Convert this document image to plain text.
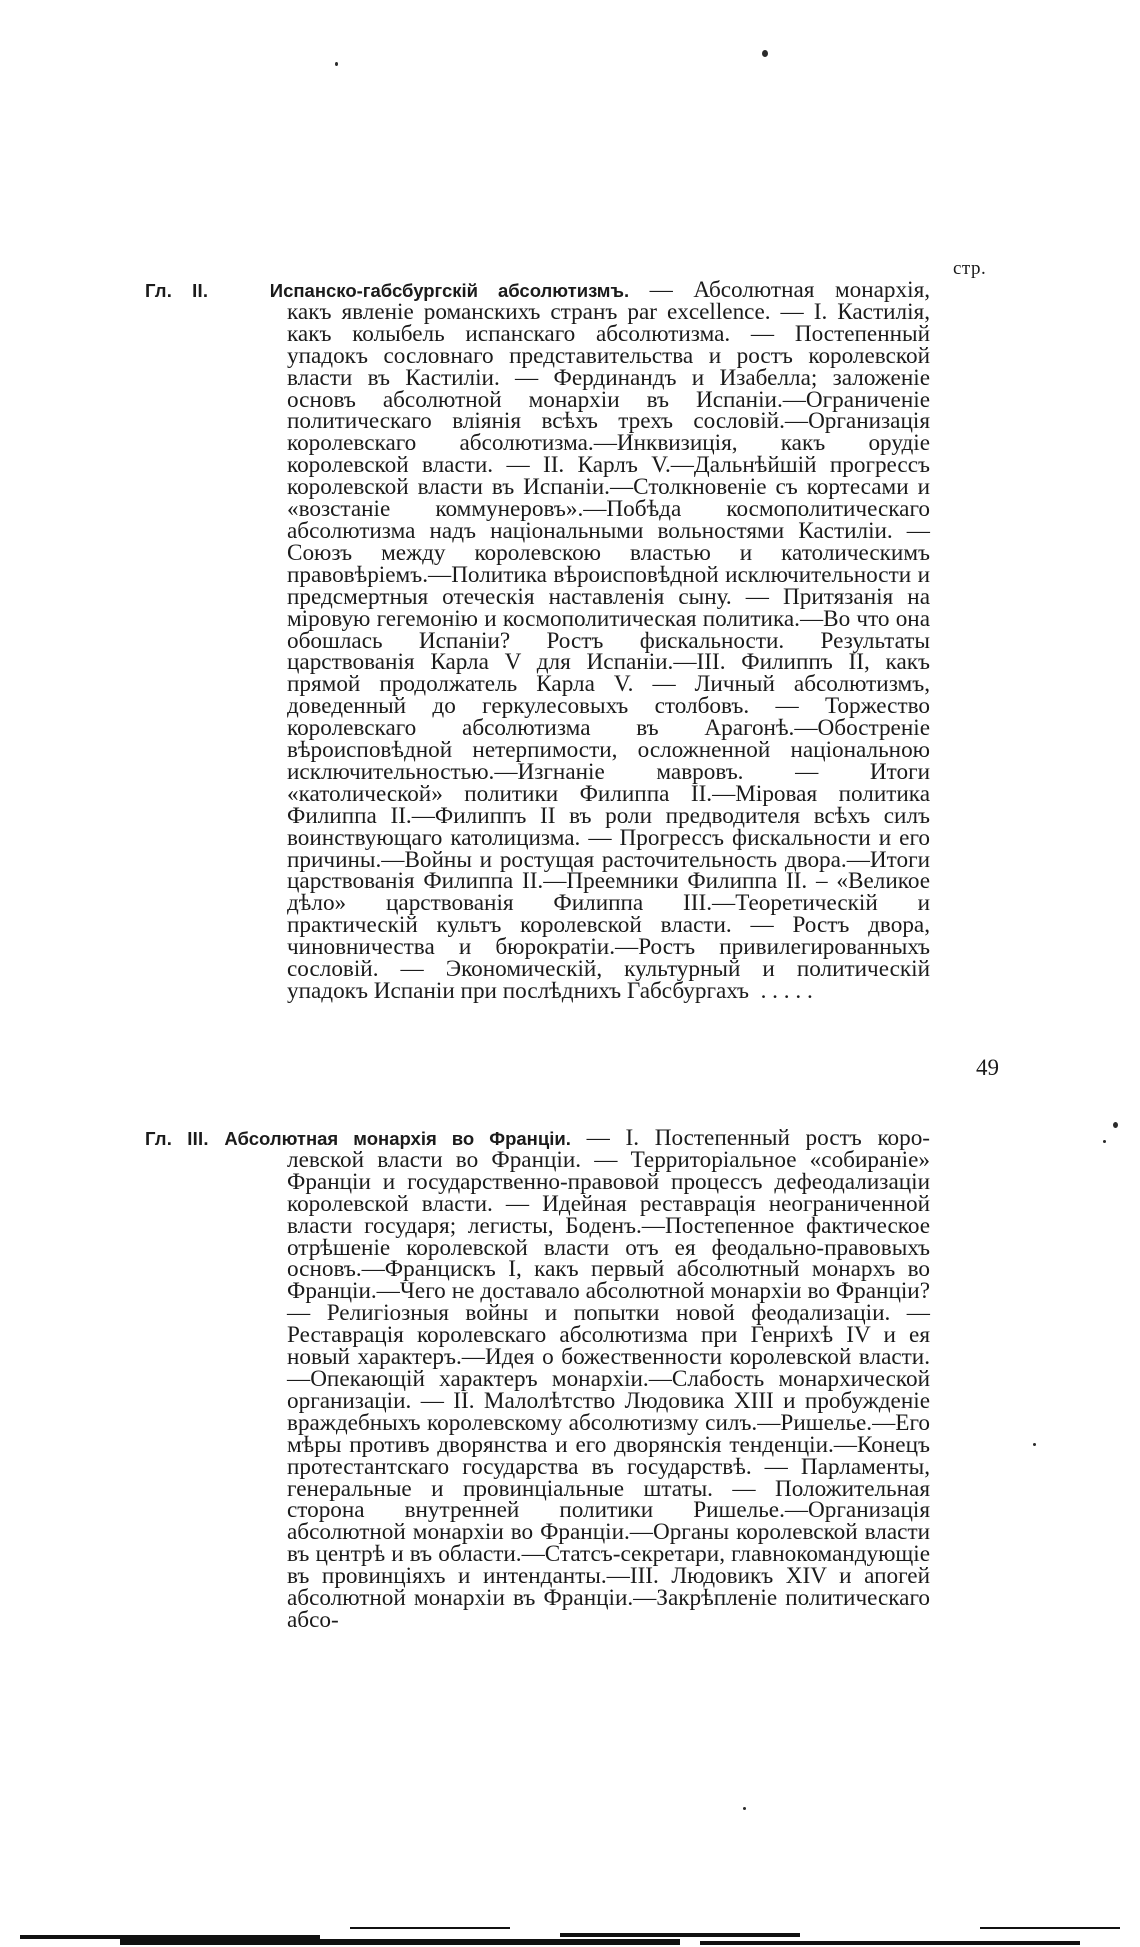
стр.
Гл. II.	Испанско-габсбургскій абсолютизмъ. — Абсолютная монархія,
какъ явленіе романскихъ странъ par excellence. — I. Кастилія, какъ колыбель испанскаго абсолютизма. — Постепенный упадокъ сословнаго представительства и ростъ королевской власти въ Кастиліи. — Фердинандъ и Изабелла; заложеніе основъ абсолютной монархіи въ Испаніи.—Ограниченіе политическаго вліянія всѣхъ трехъ сословій.—Организація королевскаго абсолютизма.—Инквизиція, какъ орудіе королевской власти. — II. Карлъ V.—Дальнѣйшій прогрессъ королевской власти въ Испаніи.—Столкновеніе съ кортесами и «возстаніе коммунеровъ».—Побѣда космополитическаго абсолютизма надъ національными вольностями Кастиліи. — Союзъ между королевскою властью и католическимъ правовѣріемъ.—Политика вѣроисповѣдной исключительности и предсмертныя отеческія наставленія сыну. — Притязанія на міровую гегемонію и космополитическая политика.—Во что она обошлась Испаніи? Ростъ фискальности. Результаты царствованія Карла V для Испаніи.—III. Филиппъ II, какъ прямой продолжатель Карла V. — Личный абсолютизмъ, доведенный до геркулесовыхъ столбовъ. — Торжество королевскаго абсолютизма въ Арагонѣ.—Обостреніе вѣроисповѣдной нетерпимости, осложненной національною исключительностью.—Изгнаніе мавровъ. — Итоги «католической» политики Филиппа II.—Міровая политика Филиппа II.—Филиппъ II въ роли предводителя всѣхъ силъ воинствующаго католицизма. — Прогрессъ фискальности и его причины.—Войны и ростущая расточительность двора.—Итоги царствованія Филиппа II.—Преемники Филиппа II. – «Великое дѣло» царствованія Филиппа III.—Теоретическій и практическій культъ королевской власти. — Ростъ двора, чиновничества и бюрократіи.—Ростъ привилегированныхъ сословій. — Экономическій, культурный и политическій упадокъ Испаніи при послѣднихъ Габсбургахъ . . . . .
49
Гл. III. Абсолютная монархія во Франціи. — I. Постепенный ростъ коро-
левской власти во Франціи. — Территоріальное «собираніе» Франціи и государственно-правовой процессъ дефеодализаціи королевской власти. — Идейная реставрація неограниченной власти государя; легисты, Боденъ.—Постепенное фактическое отрѣшеніе королевской власти отъ ея феодально-правовыхъ основъ.—Францискъ I, какъ первый абсолютный монархъ во Франціи.—Чего не доставало абсолютной монархіи во Франціи? — Религіозныя войны и попытки новой феодализаціи. — Реставрація королевскаго абсолютизма при Генрихѣ IV и ея новый характеръ.—Идея о божественности королевской власти.—Опекающій характеръ монархіи.—Слабость монархической организаціи. — II. Малолѣтство Людовика XIII и пробужденіе враждебныхъ королевскому абсолютизму силъ.—Ришелье.—Его мѣры противъ дворянства и его дворянскія тенденціи.—Конецъ протестантскаго государства въ государствѣ. — Парламенты, генеральные и провинціальные штаты. — Положительная сторона внутренней политики Ришелье.—Организація абсолютной монархіи во Франціи.—Органы королевской власти въ центрѣ и въ области.—Статсъ-секретари, главнокомандующіе въ провинціяхъ и интенданты.—III. Людовикъ XIV и апогей абсолютной монархіи въ Франціи.—Закрѣпленіе политическаго абсо-
